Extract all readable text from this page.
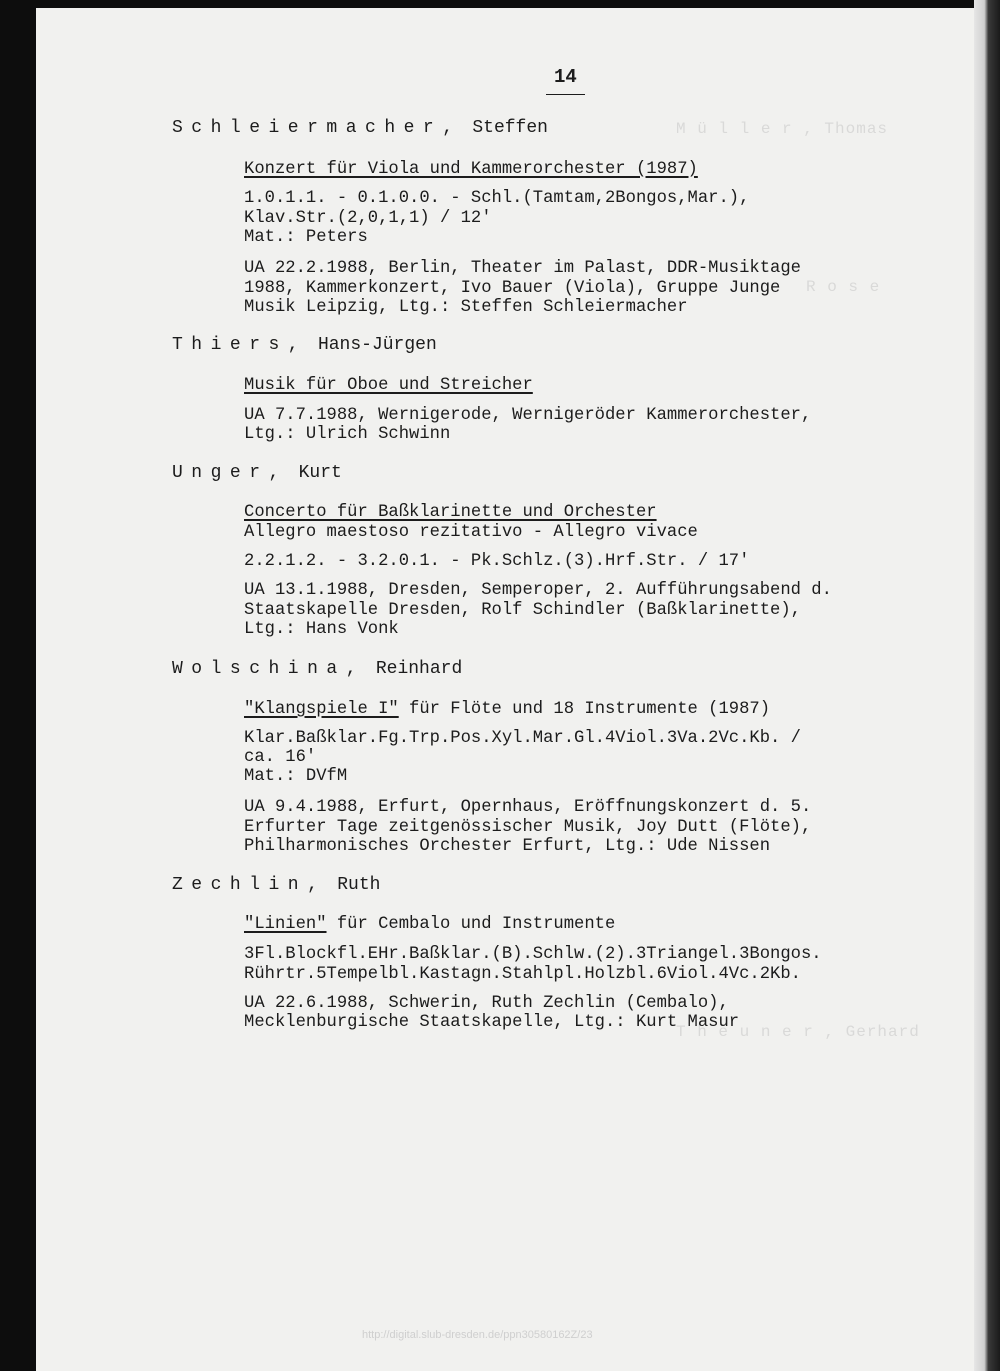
M ü l l e r , Thomas
R o s e
T h e u n e r , Gerhard
14
Schleiermacher, Steffen
Konzert für Viola und Kammerorchester (1987)
1.0.1.1. - 0.1.0.0. - Schl.(Tamtam,2Bongos,Mar.),
Klav.Str.(2,0,1,1) / 12'
Mat.: Peters
UA 22.2.1988, Berlin, Theater im Palast, DDR-Musiktage
1988, Kammerkonzert, Ivo Bauer (Viola), Gruppe Junge
Musik Leipzig, Ltg.: Steffen Schleiermacher
Thiers, Hans-Jürgen
Musik für Oboe und Streicher
UA 7.7.1988, Wernigerode, Wernigeröder Kammerorchester,
Ltg.: Ulrich Schwinn
Unger, Kurt
Concerto für Baßklarinette und Orchester
Allegro maestoso rezitativo - Allegro vivace
2.2.1.2. - 3.2.0.1. - Pk.Schlz.(3).Hrf.Str. / 17'
UA 13.1.1988, Dresden, Semperoper, 2. Aufführungsabend d.
Staatskapelle Dresden, Rolf Schindler (Baßklarinette),
Ltg.: Hans Vonk
Wolschina, Reinhard
"Klangspiele I" für Flöte und 18 Instrumente (1987)
Klar.Baßklar.Fg.Trp.Pos.Xyl.Mar.Gl.4Viol.3Va.2Vc.Kb. /
ca. 16'
Mat.: DVfM
UA 9.4.1988, Erfurt, Opernhaus, Eröffnungskonzert d. 5.
Erfurter Tage zeitgenössischer Musik, Joy Dutt (Flöte),
Philharmonisches Orchester Erfurt, Ltg.: Ude Nissen
Zechlin, Ruth
"Linien" für Cembalo und Instrumente
3Fl.Blockfl.EHr.Baßklar.(B).Schlw.(2).3Triangel.3Bongos.
Rührtr.5Tempelbl.Kastagn.Stahlpl.Holzbl.6Viol.4Vc.2Kb.
UA 22.6.1988, Schwerin, Ruth Zechlin (Cembalo),
Mecklenburgische Staatskapelle, Ltg.: Kurt Masur
http://digital.slub-dresden.de/ppn30580162Z/23
